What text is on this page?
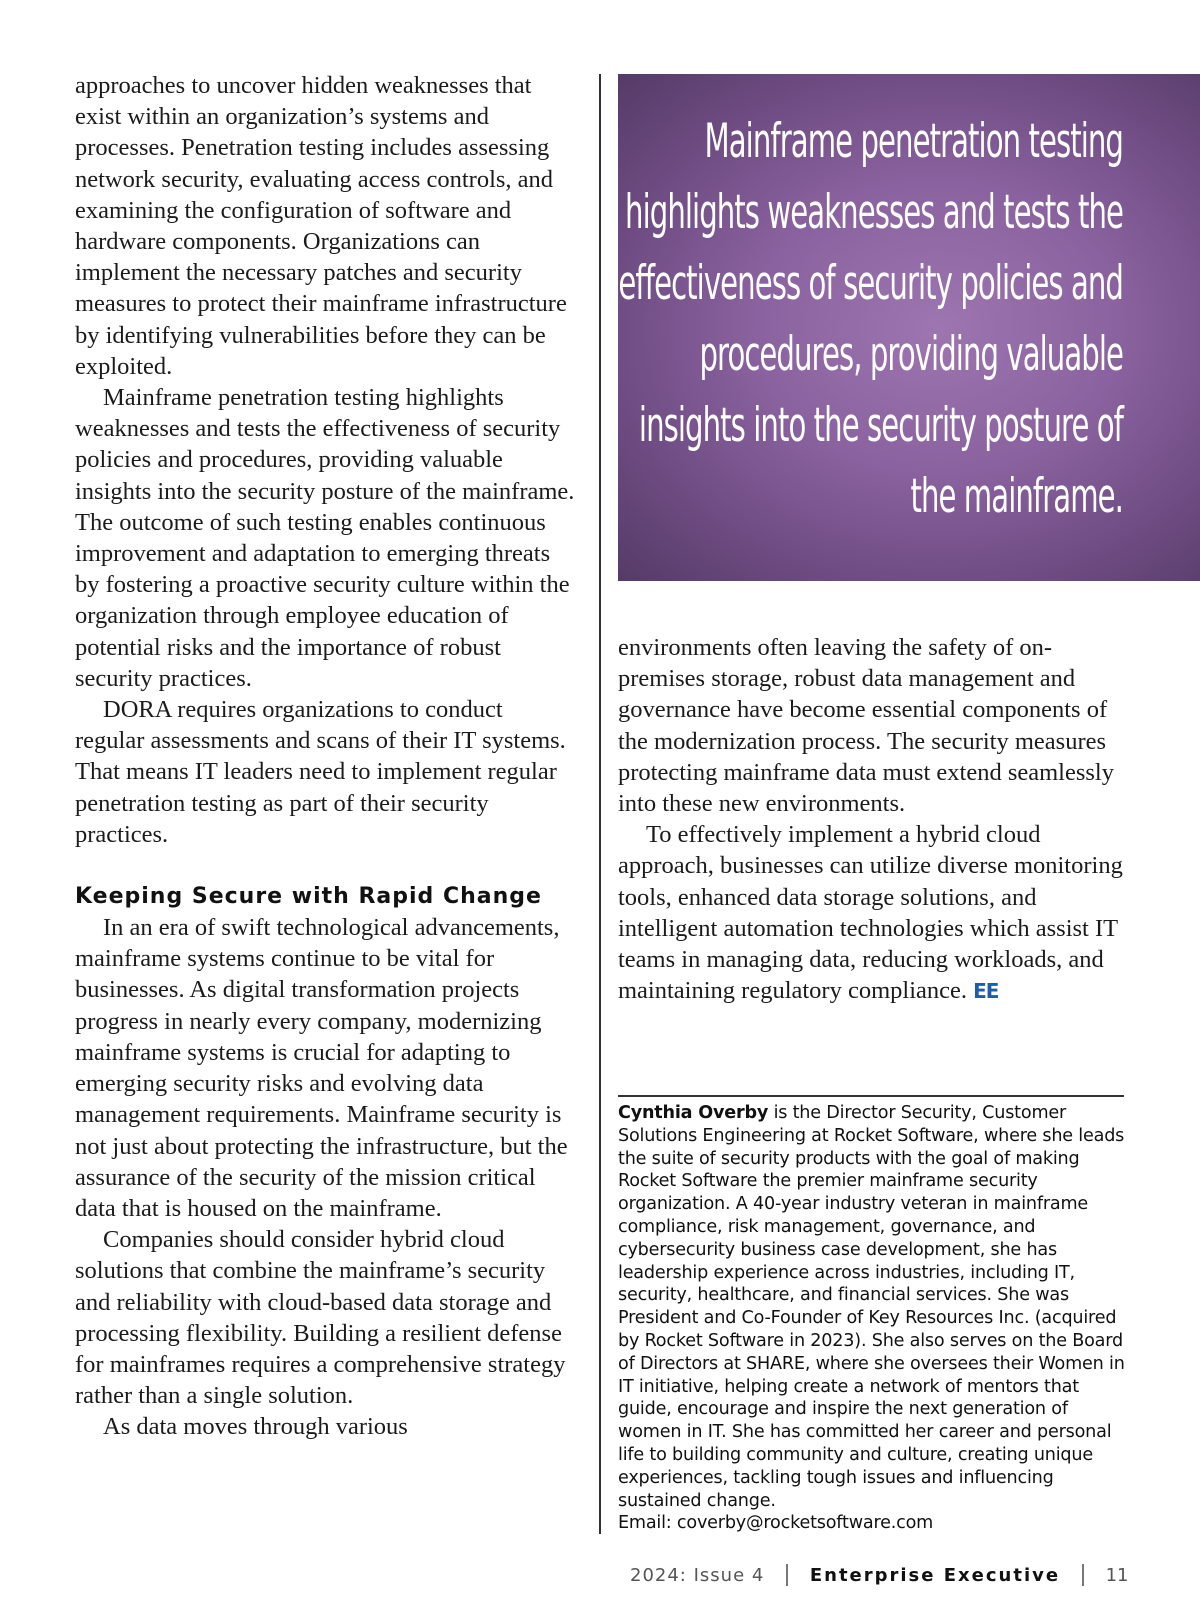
approaches to uncover hidden weaknesses that exist within an organization’s systems and processes. Penetration testing includes assessing network security, evaluating access controls, and examining the configuration of software and hardware components. Organizations can implement the necessary patches and security measures to protect their mainframe infrastructure by identifying vulnerabilities before they can be exploited.

Mainframe penetration testing highlights weaknesses and tests the effectiveness of security policies and procedures, providing valuable insights into the security posture of the mainframe. The outcome of such testing enables continuous improvement and adaptation to emerging threats by fostering a proactive security culture within the organization through employee education of potential risks and the importance of robust security practices.

DORA requires organizations to conduct regular assessments and scans of their IT systems. That means IT leaders need to implement regular penetration testing as part of their security practices.

Keeping Secure with Rapid Change

In an era of swift technological advancements, mainframe systems continue to be vital for businesses. As digital transformation projects progress in nearly every company, modernizing mainframe systems is crucial for adapting to emerging security risks and evolving data management requirements. Mainframe security is not just about protecting the infrastructure, but the assurance of the security of the mission critical data that is housed on the mainframe.

Companies should consider hybrid cloud solutions that combine the mainframe’s security and reliability with cloud-based data storage and processing flexibility. Building a resilient defense for mainframes requires a comprehensive strategy rather than a single solution.

As data moves through various

Mainframe penetration testing highlights weaknesses and tests the effectiveness of security policies and procedures, providing valuable insights into the security posture of the mainframe.

environments often leaving the safety of on-premises storage, robust data management and governance have become essential components of the modernization process. The security measures protecting mainframe data must extend seamlessly into these new environments.

To effectively implement a hybrid cloud approach, businesses can utilize diverse monitoring tools, enhanced data storage solutions, and intelligent automation technologies which assist IT teams in managing data, reducing workloads, and maintaining regulatory compliance. EE

Cynthia Overby is the Director Security, Customer Solutions Engineering at Rocket Software, where she leads the suite of security products with the goal of making Rocket Software the premier mainframe security organization. A 40-year industry veteran in mainframe compliance, risk management, governance, and cybersecurity business case development, she has leadership experience across industries, including IT, security, healthcare, and financial services. She was President and Co-Founder of Key Resources Inc. (acquired by Rocket Software in 2023). She also serves on the Board of Directors at SHARE, where she oversees their Women in IT initiative, helping create a network of mentors that guide, encourage and inspire the next generation of women in IT. She has committed her career and personal life to building community and culture, creating unique experiences, tackling tough issues and influencing sustained change.

Email: coverby@rocketsoftware.com

2024: Issue 4	Enterprise Executive	11
